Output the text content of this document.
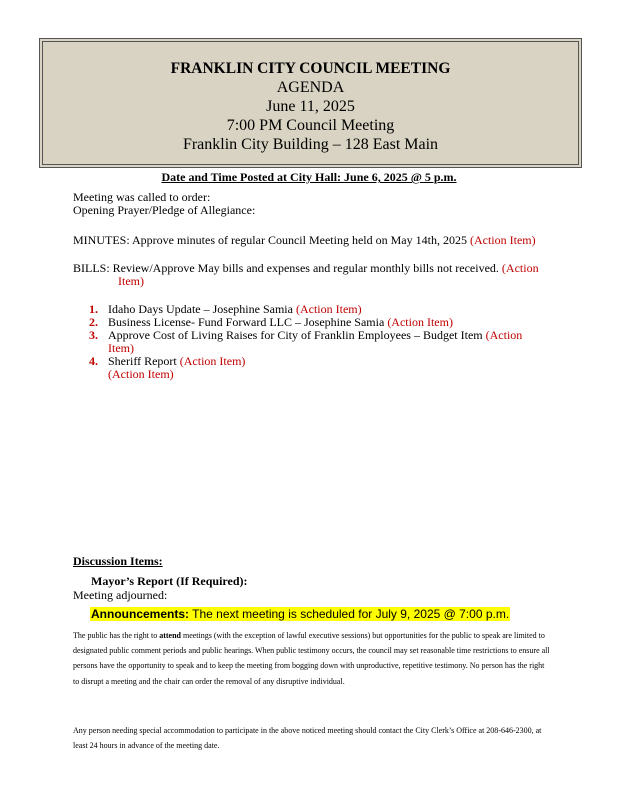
FRANKLIN CITY COUNCIL MEETING
AGENDA
June 11, 2025
7:00 PM Council Meeting
Franklin City Building – 128 East Main
Date and Time Posted at City Hall: June 6, 2025 @ 5 p.m.
Meeting was called to order:
Opening Prayer/Pledge of Allegiance:
MINUTES: Approve minutes of regular Council Meeting held on May 14th, 2025 (Action Item)
BILLS: Review/Approve May bills and expenses and regular monthly bills not received. (Action
Item)
1. Idaho Days Update – Josephine Samia (Action Item)
2. Business License- Fund Forward LLC – Josephine Samia (Action Item)
3. Approve Cost of Living Raises for City of Franklin Employees – Budget Item (Action Item)
4. Sheriff Report (Action Item)
(Action Item)
Discussion Items:
Mayor’s Report (If Required):
Meeting adjourned:
Announcements: The next meeting is scheduled for July 9, 2025 @ 7:00 p.m.
The public has the right to attend meetings (with the exception of lawful executive sessions) but opportunities for the public to speak are limited to designated public comment periods and public hearings. When public testimony occurs, the council may set reasonable time restrictions to ensure all persons have the opportunity to speak and to keep the meeting from bogging down with unproductive, repetitive testimony. No person has the right to disrupt a meeting and the chair can order the removal of any disruptive individual.
Any person needing special accommodation to participate in the above noticed meeting should contact the City Clerk’s Office at 208-646-2300, at least 24 hours in advance of the meeting date.
